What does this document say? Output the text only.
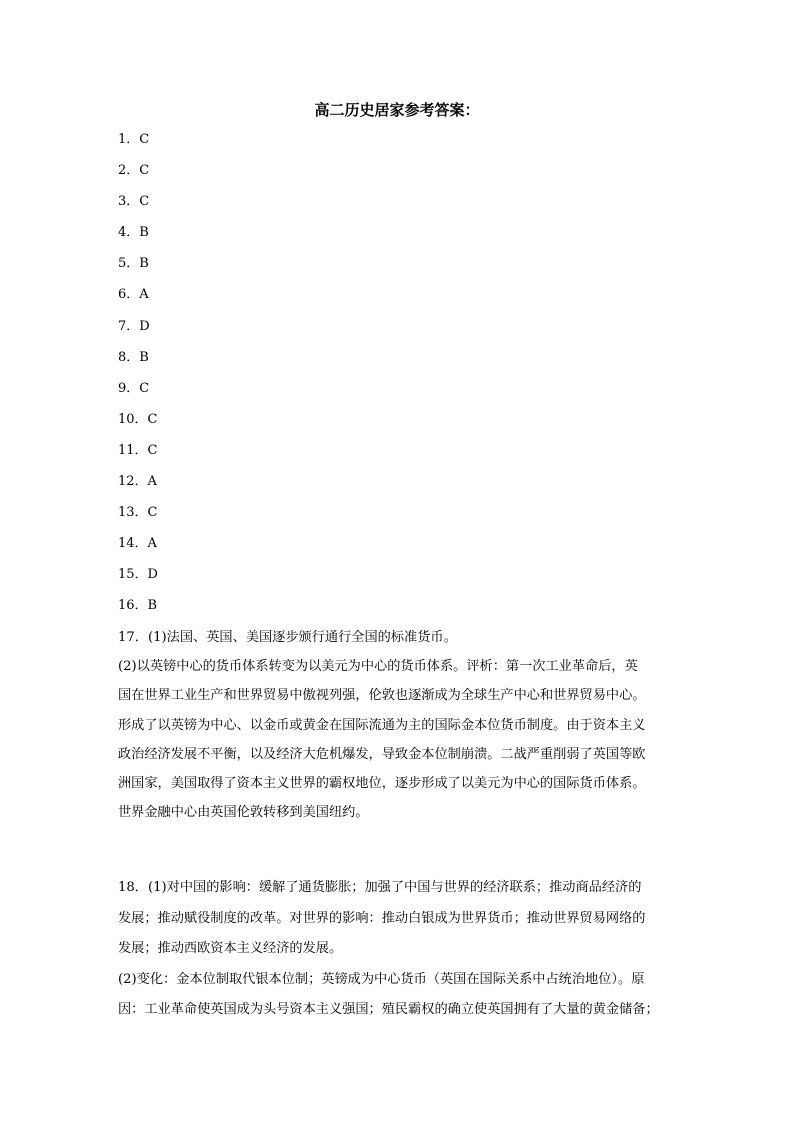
高二历史居家参考答案：
1．C
2．C
3．C
4．B
5．B
6．A
7．D
8．B
9．C
10．C
11．C
12．A
13．C
14．A
15．D
16．B
17．(1)法国、英国、美国逐步颁行通行全国的标准货币。
(2)以英镑中心的货币体系转变为以美元为中心的货币体系。评析：第一次工业革命后，英
国在世界工业生产和世界贸易中傲视列强，伦敦也逐渐成为全球生产中心和世界贸易中心。
形成了以英镑为中心、以金币或黄金在国际流通为主的国际金本位货币制度。由于资本主义
政治经济发展不平衡，以及经济大危机爆发，导致金本位制崩溃。二战严重削弱了英国等欧
洲国家，美国取得了资本主义世界的霸权地位，逐步形成了以美元为中心的国际货币体系。
世界金融中心由英国伦敦转移到美国纽约。
18．(1)对中国的影响：缓解了通货膨胀；加强了中国与世界的经济联系；推动商品经济的
发展；推动赋役制度的改革。对世界的影响：推动白银成为世界货币；推动世界贸易网络的
发展；推动西欧资本主义经济的发展。
(2)变化：金本位制取代银本位制；英镑成为中心货币（英国在国际关系中占统治地位）。原
因：工业革命使英国成为头号资本主义强国；殖民霸权的确立使英国拥有了大量的黄金储备；
